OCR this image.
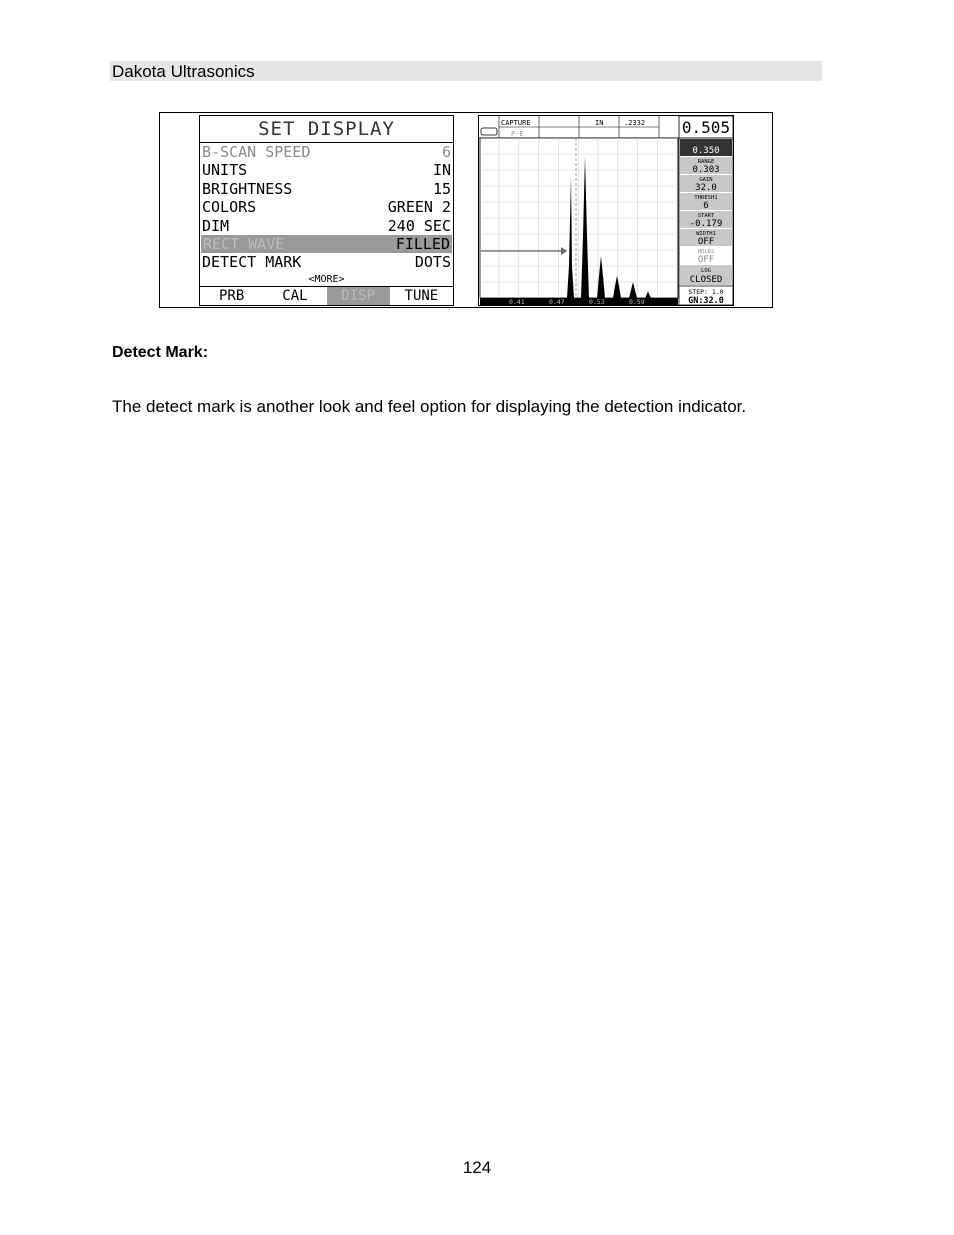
Dakota Ultrasonics
SET DISPLAY
B-SCAN SPEED	6
UNITS	IN
BRIGHTNESS	15
COLORS	GREEN 2
DIM	240 SEC
RECT WAVE	FILLED
DETECT MARK	DOTS
<MORE>
PRB	CAL	DISP	TUNE
CAPTURE
P-E
IN	.2332 0.505
0.41	0.47	0.53	0.59
0.350
RANGE
0.303
GAIN
32.0
THRESH1
6
START
-0.179
WIDTH1
OFF
HOLD2
OFF
LOG
CLOSED
STEP: 1.0
GN:32.0
Detect Mark:
The detect mark is another look and feel option for displaying the detection indicator.
124
